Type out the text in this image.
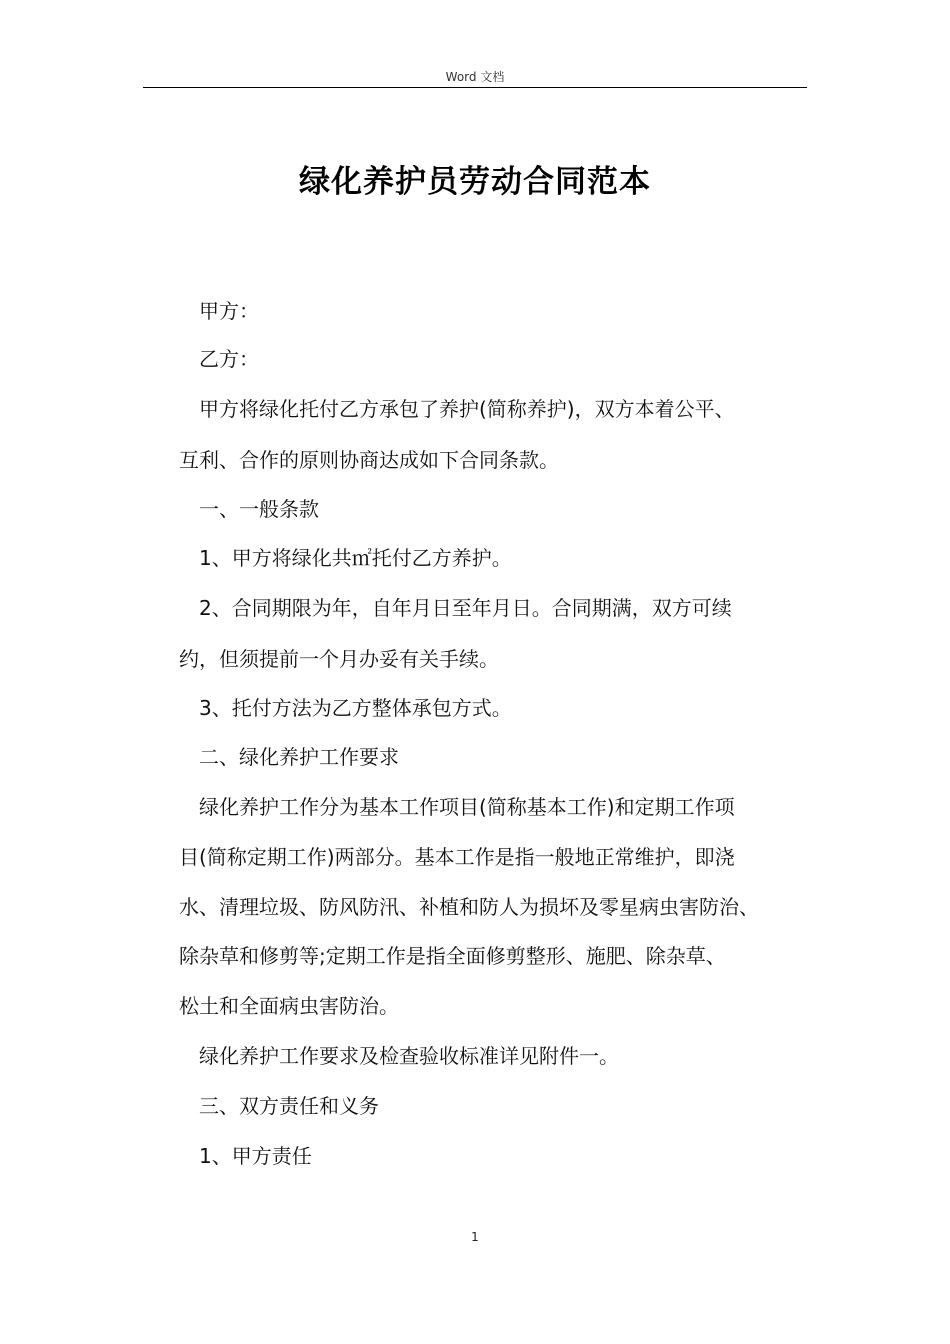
Word 文档
绿化养护员劳动合同范本

甲方：

乙方：

甲方将绿化托付乙方承包了养护(简称养护)，双方本着公平、

互利、合作的原则协商达成如下合同条款。

一、一般条款

1、甲方将绿化共㎡托付乙方养护。

2、合同期限为年，自年月日至年月日。合同期满，双方可续

约，但须提前一个月办妥有关手续。

3、托付方法为乙方整体承包方式。

二、绿化养护工作要求

绿化养护工作分为基本工作项目(简称基本工作)和定期工作项

目(简称定期工作)两部分。基本工作是指一般地正常维护，即浇

水、清理垃圾、防风防汛、补植和防人为损坏及零星病虫害防治、

除杂草和修剪等;定期工作是指全面修剪整形、施肥、除杂草、

松土和全面病虫害防治。

绿化养护工作要求及检查验收标准详见附件一。

三、双方责任和义务

1、甲方责任

1
